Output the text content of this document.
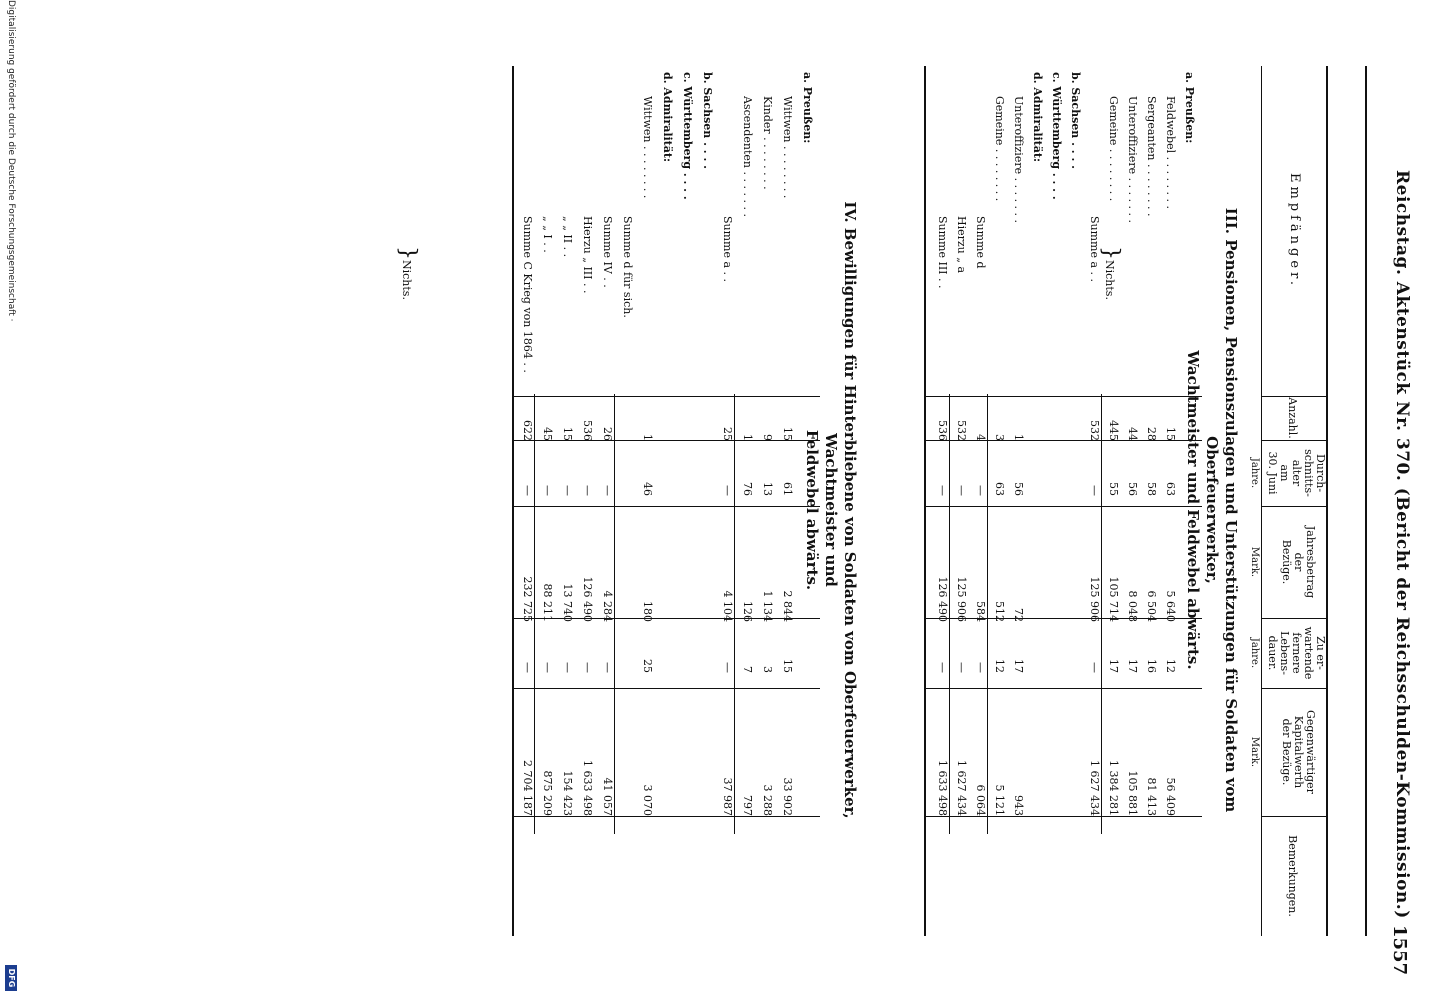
Reichstag. Aktenstück Nr. 370. (Bericht der Reichsschulden-Kommission.)
1557
Empfänger.
Anzahl.
Durch-
schnitts-
alter
am
30. Juni
Jahresbetrag
der
Bezüge.
Zu er-
wartende
fernere
Lebens-
dauer.
Gegenwärtiger
Kapitalwerth
der Bezüge.
Bemerkungen.
Jahre.
Mark.
Jahre.
Mark.
III. Pensionen, Pensionszulagen und Unterstützungen für Soldaten vom Oberfeuerwerker,
Wachtmeister und Feldwebel abwärts.
a. Preußen:
Feldwebel . . . . . . . .
15
63
5 640
12
56 409
Sergeanten . . . . . . . .
28
58
6 504
16
81 413
Unteroffiziere . . . . . . .
44
56
8 048
17
105 881
Gemeine . . . . . . . .
445
55
105 714
17
1 384 281
Summe a . .
532
—
125 906
—
1 627 434
b. Sachsen . . . .
c. Württemberg . . . .
d. Admiralität:
Unteroffiziere . . . . . . .
1
56
72
17
943
Gemeine . . . . . . . .
3
63
512
12
5 121
Summe d
4
—
584
—
6 064
Hierzu „ a
532
—
125 906
—
1 627 434
Summe III . .
536
—
126 490
—
1 633 498
}
Nichts.
IV. Bewilligungen für Hinterbliebene von Soldaten vom Oberfeuerwerker, Wachtmeister und
Feldwebel abwärts.
a. Preußen:
Wittwen . . . . . . . .
15
61
2 844
15
33 902
Kinder . . . . . . . .
9
13
1 134
3
3 288
Ascendenten . . . . . . .
1
76
126
7
797
Summe a . .
25
—
4 104
—
37 987
b. Sachsen . . . .
c. Württemberg . . . .
d. Admiralität:
Wittwen . . . . . . . .
1
46
180
25
3 070
Summe d für sich.
Summe IV . .
26
—
4 284
—
41 057
Hierzu „ III . .
536
—
126 490
—
1 633 498
„ „ II . .
15
—
13 740
—
154 423
„ „ I . .
45
—
88 211
—
875 209
Summe C Krieg von 1864 . .
622
—
232 725
—
2 704 187
}
Nichts.
Digitalisierung gefördert durch die Deutsche Forschungsgemeinschaft ·
DFG
